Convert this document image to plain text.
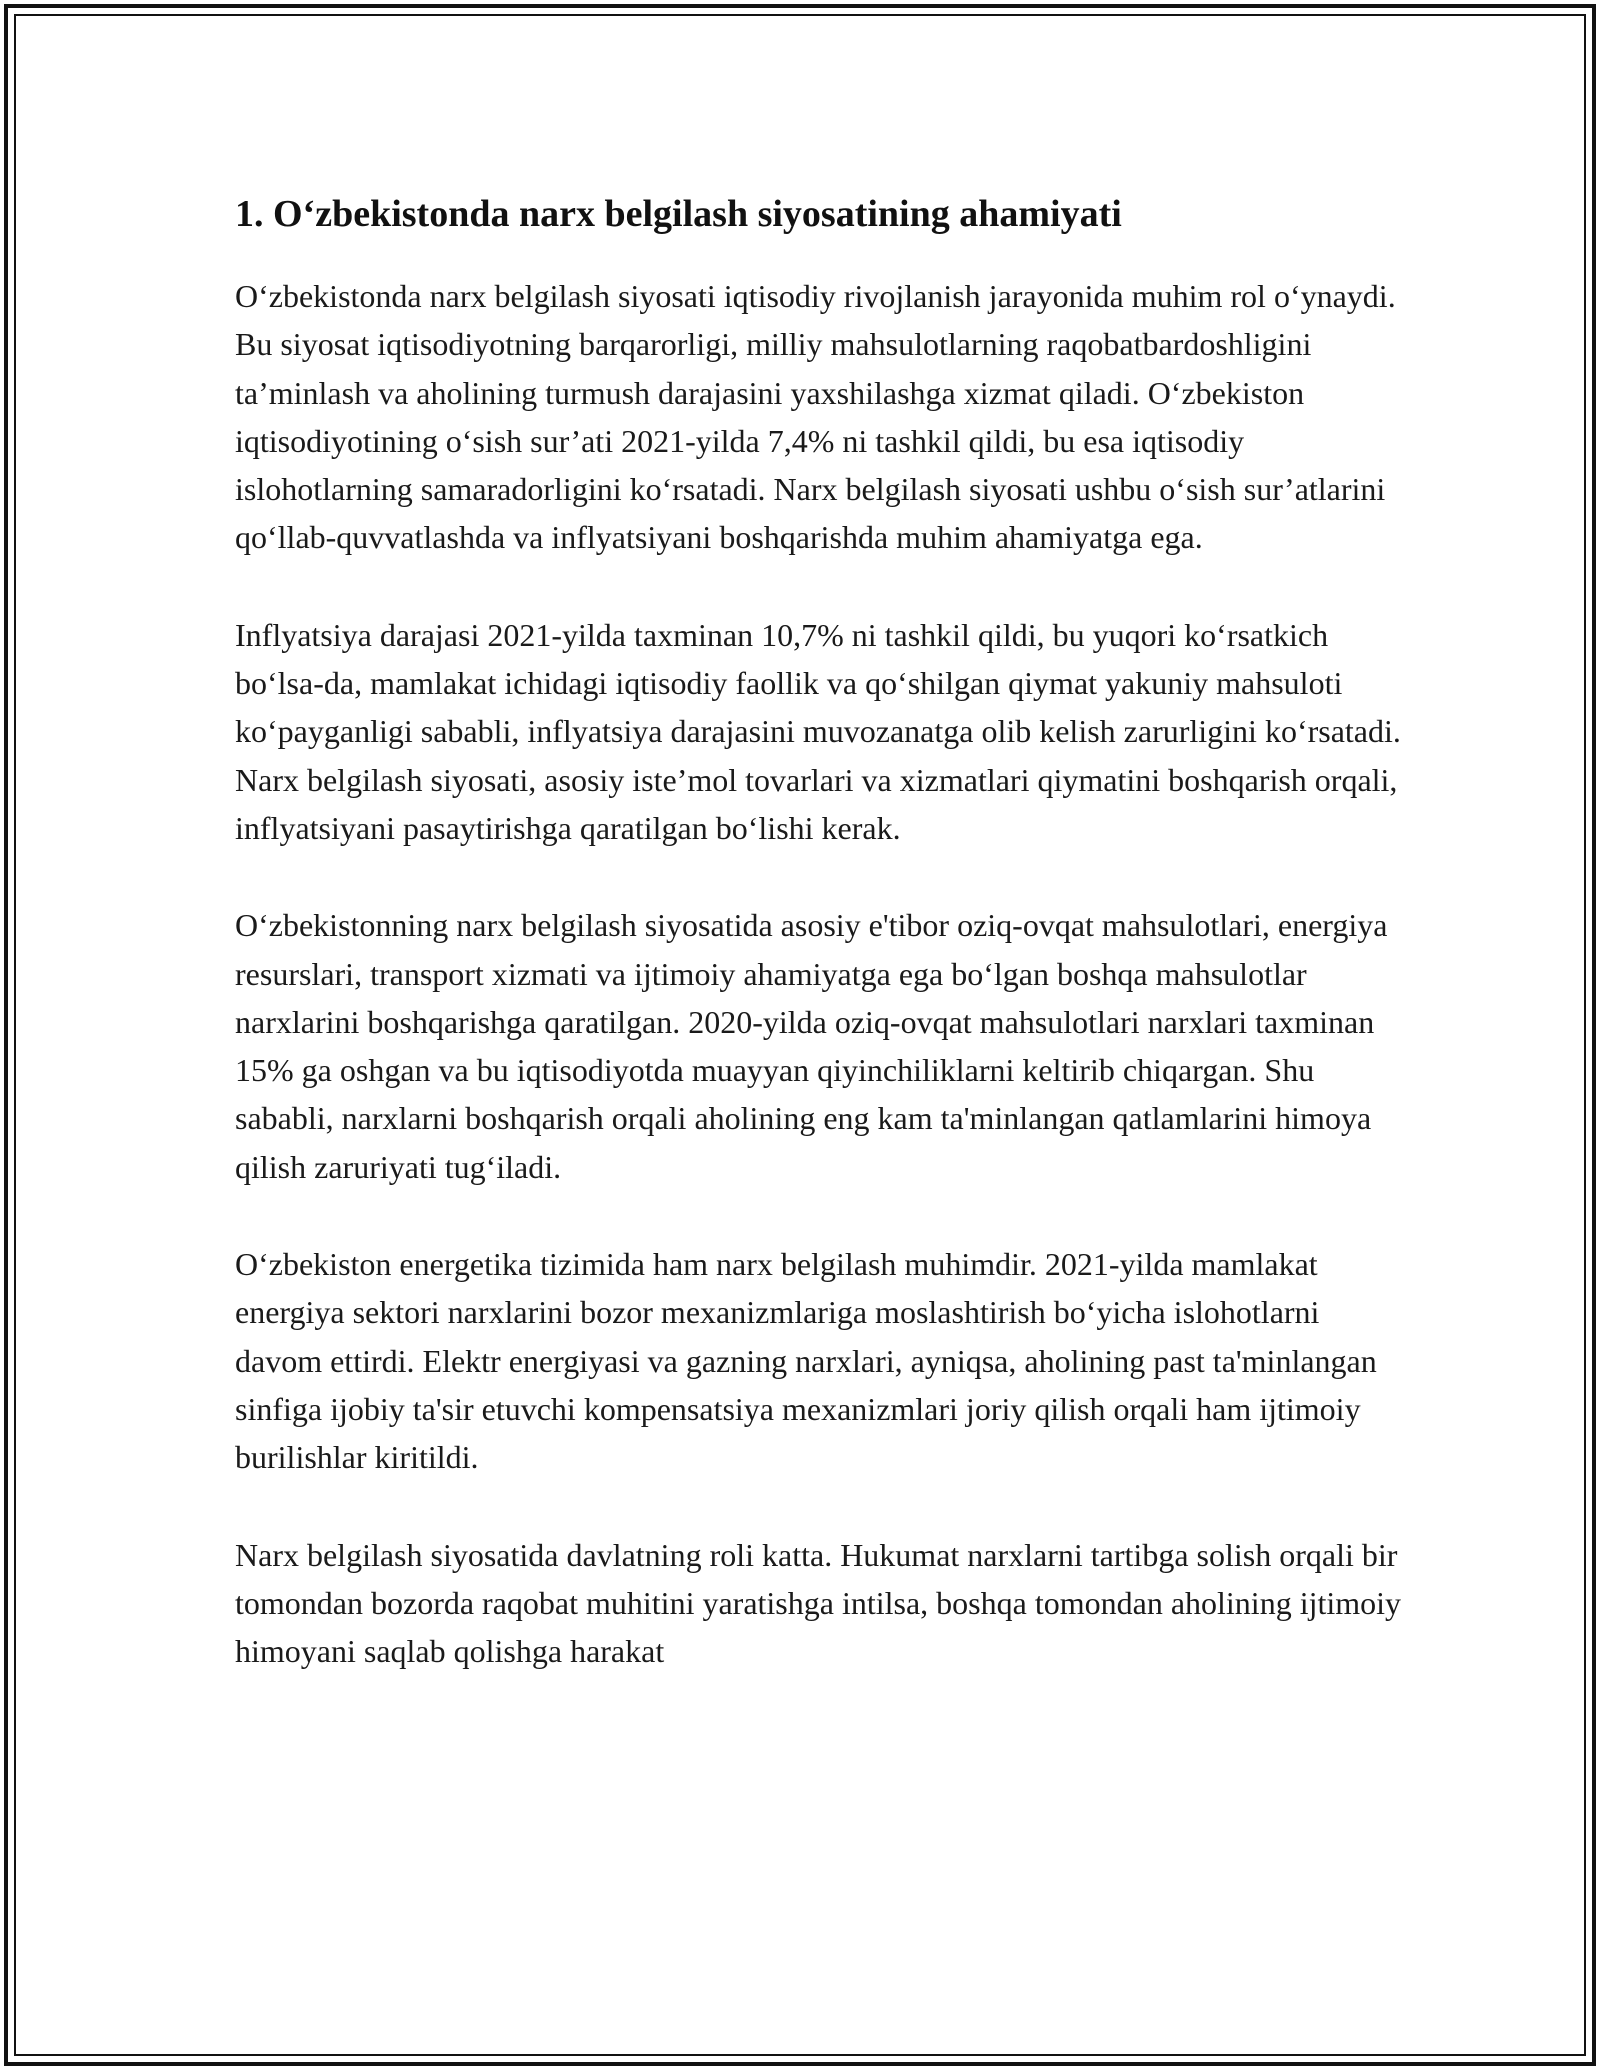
1. O‘zbekistonda narx belgilash siyosatining ahamiyati

O‘zbekistonda narx belgilash siyosati iqtisodiy rivojlanish jarayonida muhim rol o‘ynaydi. Bu siyosat iqtisodiyotning barqarorligi, milliy mahsulotlarning raqobatbardoshligini ta’minlash va aholining turmush darajasini yaxshilashga xizmat qiladi. O‘zbekiston iqtisodiyotining o‘sish sur’ati 2021-yilda 7,4% ni tashkil qildi, bu esa iqtisodiy islohotlarning samaradorligini ko‘rsatadi. Narx belgilash siyosati ushbu o‘sish sur’atlarini qo‘llab-quvvatlashda va inflyatsiyani boshqarishda muhim ahamiyatga ega.

Inflyatsiya darajasi 2021-yilda taxminan 10,7% ni tashkil qildi, bu yuqori ko‘rsatkich bo‘lsa-da, mamlakat ichidagi iqtisodiy faollik va qo‘shilgan qiymat yakuniy mahsuloti ko‘payganligi sababli, inflyatsiya darajasini muvozanatga olib kelish zarurligini ko‘rsatadi. Narx belgilash siyosati, asosiy iste’mol tovarlari va xizmatlari qiymatini boshqarish orqali, inflyatsiyani pasaytirishga qaratilgan bo‘lishi kerak.

O‘zbekistonning narx belgilash siyosatida asosiy e'tibor oziq-ovqat mahsulotlari, energiya resurslari, transport xizmati va ijtimoiy ahamiyatga ega bo‘lgan boshqa mahsulotlar narxlarini boshqarishga qaratilgan. 2020-yilda oziq-ovqat mahsulotlari narxlari taxminan 15% ga oshgan va bu iqtisodiyotda muayyan qiyinchiliklarni keltirib chiqargan. Shu sababli, narxlarni boshqarish orqali aholining eng kam ta'minlangan qatlamlarini himoya qilish zaruriyati tug‘iladi.

O‘zbekiston energetika tizimida ham narx belgilash muhimdir. 2021-yilda mamlakat energiya sektori narxlarini bozor mexanizmlariga moslashtirish bo‘yicha islohotlarni davom ettirdi. Elektr energiyasi va gazning narxlari, ayniqsa, aholining past ta'minlangan sinfiga ijobiy ta'sir etuvchi kompensatsiya mexanizmlari joriy qilish orqali ham ijtimoiy burilishlar kiritildi.

Narx belgilash siyosatida davlatning roli katta. Hukumat narxlarni tartibga solish orqali bir tomondan bozorda raqobat muhitini yaratishga intilsa, boshqa tomondan aholining ijtimoiy himoyani saqlab qolishga harakat
